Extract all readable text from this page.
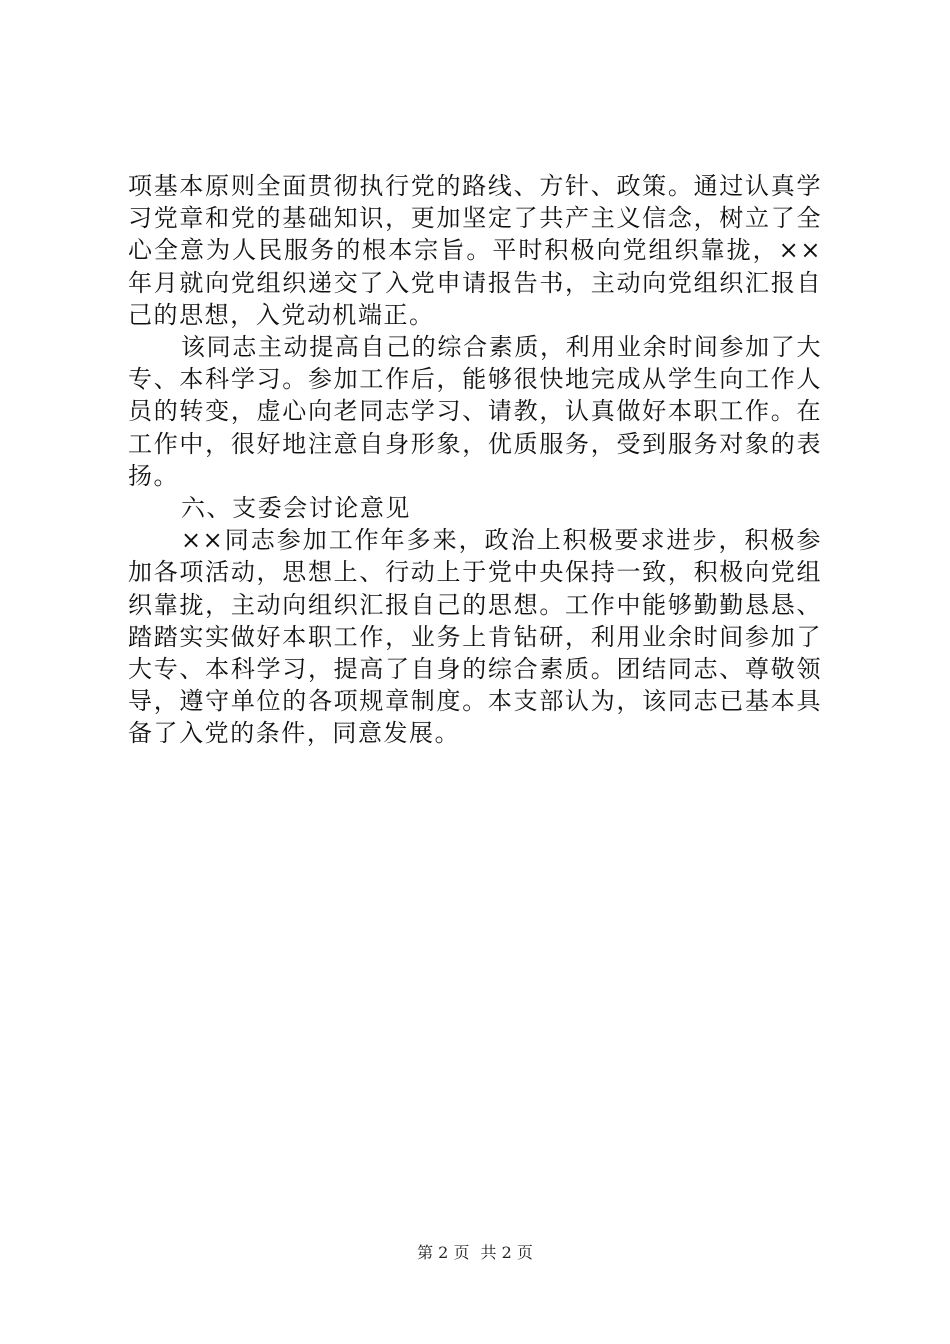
项基本原则全面贯彻执行党的路线、方针、政策。通过认真学习党章和党的基础知识，更加坚定了共产主义信念，树立了全心全意为人民服务的根本宗旨。平时积极向党组织靠拢，××年月就向党组织递交了入党申请报告书，主动向党组织汇报自己的思想，入党动机端正。

该同志主动提高自己的综合素质，利用业余时间参加了大专、本科学习。参加工作后，能够很快地完成从学生向工作人员的转变，虚心向老同志学习、请教，认真做好本职工作。在工作中，很好地注意自身形象，优质服务，受到服务对象的表扬。

六、支委会讨论意见

××同志参加工作年多来，政治上积极要求进步，积极参加各项活动，思想上、行动上于党中央保持一致，积极向党组织靠拢，主动向组织汇报自己的思想。工作中能够勤勤恳恳、踏踏实实做好本职工作，业务上肯钻研，利用业余时间参加了大专、本科学习，提高了自身的综合素质。团结同志、尊敬领导，遵守单位的各项规章制度。本支部认为，该同志已基本具备了入党的条件，同意发展。

第 2 页 共 2 页
